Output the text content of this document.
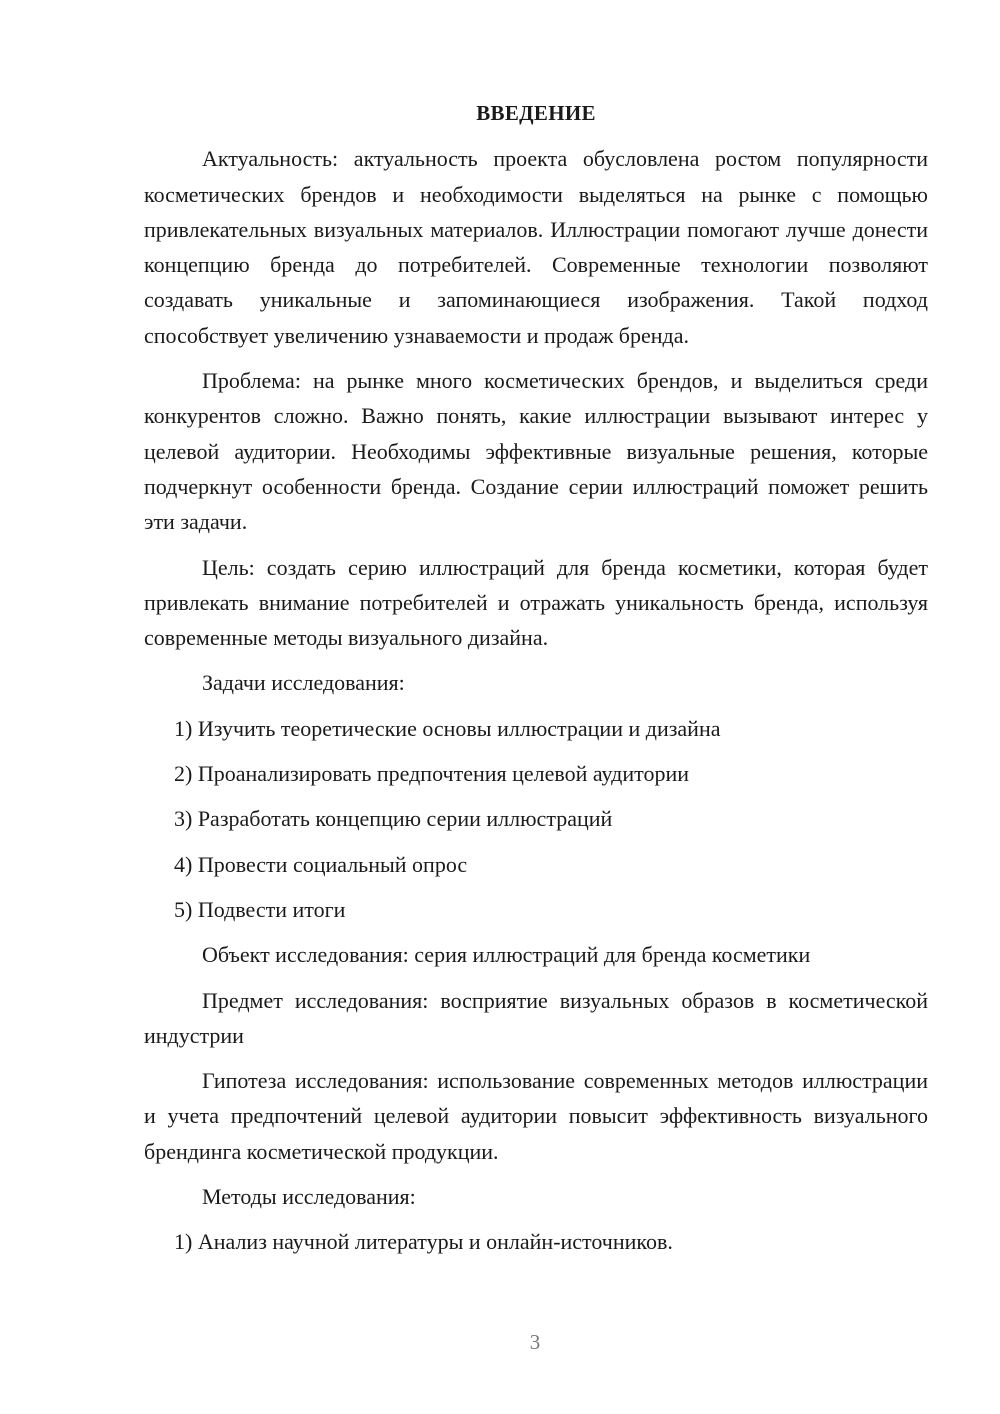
ВВЕДЕНИЕ

Актуальность: актуальность проекта обусловлена ростом популярности косметических брендов и необходимости выделяться на рынке с помощью привлекательных визуальных материалов. Иллюстрации помогают лучше донести концепцию бренда до потребителей. Современные технологии позволяют создавать уникальные и запоминающиеся изображения. Такой подход способствует увеличению узнаваемости и продаж бренда.

Проблема: на рынке много косметических брендов, и выделиться среди конкурентов сложно. Важно понять, какие иллюстрации вызывают интерес у целевой аудитории. Необходимы эффективные визуальные решения, которые подчеркнут особенности бренда. Создание серии иллюстраций поможет решить эти задачи.

Цель: создать серию иллюстраций для бренда косметики, которая будет привлекать внимание потребителей и отражать уникальность бренда, используя современные методы визуального дизайна.

Задачи исследования:

1) Изучить теоретические основы иллюстрации и дизайна
2) Проанализировать предпочтения целевой аудитории
3) Разработать концепцию серии иллюстраций
4) Провести социальный опрос
5) Подвести итоги

Объект исследования: серия иллюстраций для бренда косметики

Предмет исследования: восприятие визуальных образов в косметической индустрии

Гипотеза исследования: использование современных методов иллюстрации и учета предпочтений целевой аудитории повысит эффективность визуального брендинга косметической продукции.

Методы исследования:

1) Анализ научной литературы и онлайн-источников.
3
